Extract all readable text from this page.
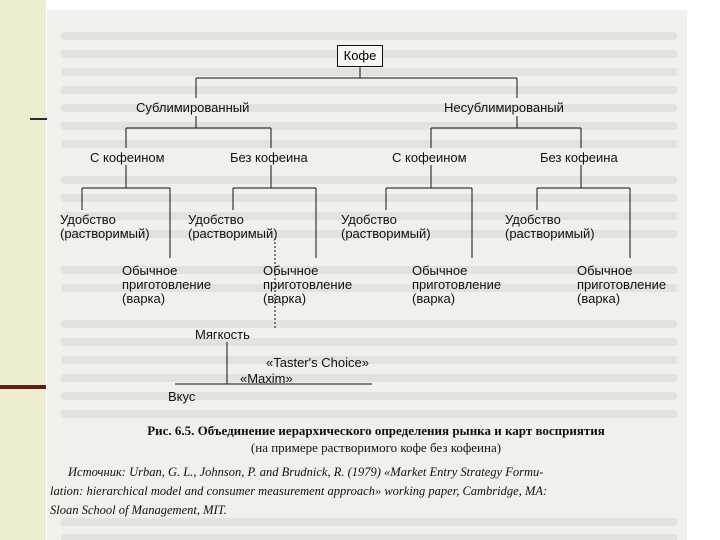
Кофе
Сублимированный	Несублимированый
С кофеином	Без кофеина	С кофеином	Без кофеина
Удобство
(растворимый)
Удобство
(растворимый)
Удобство
(растворимый)
Удобство
(растворимый)
Обычное
приготовление
(варка)
Обычное
приготовление
(варка)
Обычное
приготовление
(варка)
Обычное
приготовление
(варка)
Мягкость
«Taster's Choice»
«Maxim»
Вкус
Рис. 6.5. Объединение иерархического определения рынка и карт восприятия
(на примере растворимого кофе без кофеина)
Источник: Urban, G. L., Johnson, P. and Brudnick, R. (1979) «Market Entry Strategy Formu-
lation: hierarchical model and consumer measurement approach» working paper, Cambridge, MA:
Sloan School of Management, MIT.
